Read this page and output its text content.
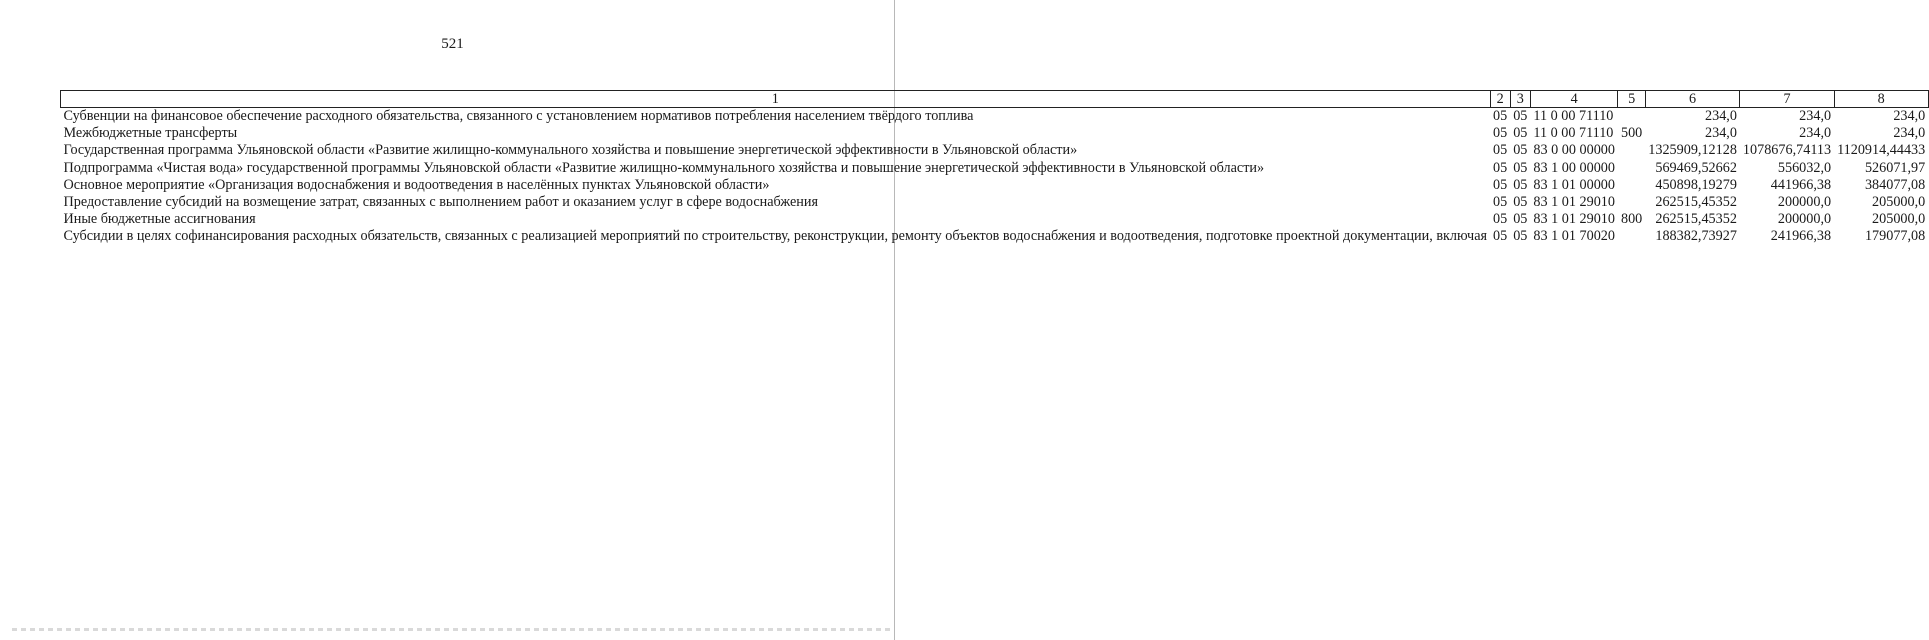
521
1	2	3	4	5	6	7	8
Субвенции на финансовое обеспечение расходного обязательства, связанного с установлением нормативов потребления населением твёрдого топлива	05	05	11 0 00 71110		234,0	234,0	234,0
Межбюджетные трансферты	05	05	11 0 00 71110	500	234,0	234,0	234,0
Государственная программа Ульяновской области «Развитие жилищно-коммунального хозяйства и повышение энергетической эффективности в Ульяновской области»	05	05	83 0 00 00000		1325909,12128	1078676,74113	1120914,44433
Подпрограмма «Чистая вода» государственной программы Ульяновской области «Развитие жилищно-коммунального хозяйства и повышение энергетической эффективности в Ульяновской области»	05	05	83 1 00 00000		569469,52662	556032,0	526071,97
Основное мероприятие «Организация водоснабжения и водоотведения в населённых пунктах Ульяновской области»	05	05	83 1 01 00000		450898,19279	441966,38	384077,08
Предоставление субсидий на возмещение затрат, связанных с выполнением работ и оказанием услуг в сфере водоснабжения	05	05	83 1 01 29010		262515,45352	200000,0	205000,0
Иные бюджетные ассигнования	05	05	83 1 01 29010	800	262515,45352	200000,0	205000,0
Субсидии в целях софинансирования расходных обязательств, связанных с реализацией мероприятий по строительству, реконструкции, ремонту объектов водоснабжения и водоотведения, подготовке проектной документации, включая	05	05	83 1 01 70020		188382,73927	241966,38	179077,08
